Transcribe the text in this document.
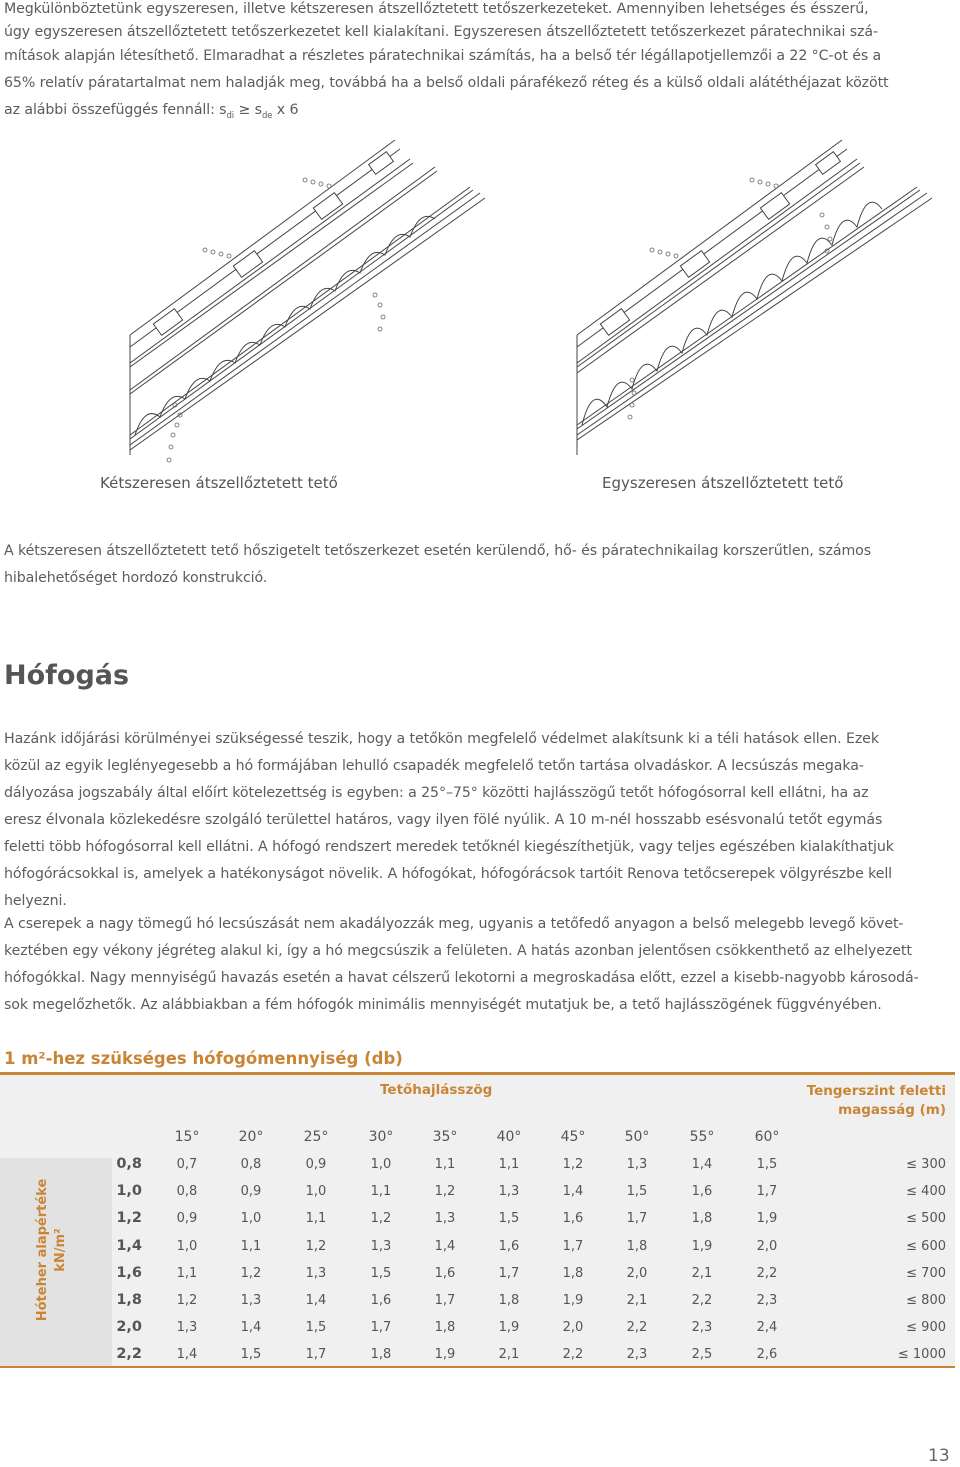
Megkülönböztetünk egyszeresen, illetve kétszeresen átszellőztetett tetőszerkezeteket. Amennyiben lehetséges és ésszerű,
úgy egyszeresen átszellőztetett tetőszerkezetet kell kialakítani. Egyszeresen átszellőztetett tetőszerkezet páratechnikai szá-
mítások alapján létesíthető. Elmaradhat a részletes páratechnikai számítás, ha a belső tér légállapotjellemzői a 22 °C-ot és a
65% relatív páratartalmat nem haladják meg, továbbá ha a belső oldali párafékező réteg és a külső oldali alátéthéjazat között
az alábbi összefüggés fennáll: $s_{di} \ge s_{de}$ x 6
Kétszeresen átszellőztetett tető	Egyszeresen átszellőztetett tető
A kétszeresen átszellőztetett tető hőszigetelt tetőszerkezet esetén kerülendő, hő- és páratechnikailag korszerűtlen, számos
hibalehetőséget hordozó konstrukció.
Hófogás
Hazánk időjárási körülményei szükségessé teszik, hogy a tetőkön megfelelő védelmet alakítsunk ki a téli hatások ellen. Ezek
közül az egyik leglényegesebb a hó formájában lehulló csapadék megfelelő tetőn tartása olvadáskor. A lecsúszás megaka-
dályozása jogszabály által előírt kötelezettség is egyben: a 25°–75° közötti hajlásszögű tetőt hófogósorral kell ellátni, ha az
eresz élvonala közlekedésre szolgáló területtel határos, vagy ilyen fölé nyúlik. A 10 m-nél hosszabb esésvonalú tetőt egymás
feletti több hófogósorral kell ellátni. A hófogó rendszert meredek tetőknél kiegészíthetjük, vagy teljes egészében kialakíthatjuk
hófogórácsokkal is, amelyek a hatékonyságot növelik. A hófogókat, hófogórácsok tartóit Renova tetőcserepek völgyrészbe kell
helyezni.
A cserepek a nagy tömegű hó lecsúszását nem akadályozzák meg, ugyanis a tetőfedő anyagon a belső melegebb levegő követ-
keztében egy vékony jégréteg alakul ki, így a hó megcsúszik a felületen. A hatás azonban jelentősen csökkenthető az elhelyezett
hófogókkal. Nagy mennyiségű havazás esetén a havat célszerű lekotorni a megroskadása előtt, ezzel a kisebb-nagyobb károsodá-
sok megelőzhetők. Az alábbiakban a fém hófogók minimális mennyiségét mutatjuk be, a tető hajlásszögének függvényében.
1 m²-hez szükséges hófogómennyiség (db)
Tetőhajlásszög	Tengerszint feletti
magasság (m)
Hóteher alapértéke kN/m²
15°	20°	25°	30°	35°	40°	45°	50°	55°	60°
0,8	0,7	0,8	0,9	1,0	1,1	1,1	1,2	1,3	1,4	1,5	≤ 300
1,0	0,8	0,9	1,0	1,1	1,2	1,3	1,4	1,5	1,6	1,7	≤ 400
1,2	0,9	1,0	1,1	1,2	1,3	1,5	1,6	1,7	1,8	1,9	≤ 500
1,4	1,0	1,1	1,2	1,3	1,4	1,6	1,7	1,8	1,9	2,0	≤ 600
1,6	1,1	1,2	1,3	1,5	1,6	1,7	1,8	2,0	2,1	2,2	≤ 700
1,8	1,2	1,3	1,4	1,6	1,7	1,8	1,9	2,1	2,2	2,3	≤ 800
2,0	1,3	1,4	1,5	1,7	1,8	1,9	2,0	2,2	2,3	2,4	≤ 900
2,2	1,4	1,5	1,7	1,8	1,9	2,1	2,2	2,3	2,5	2,6	≤ 1000
13
